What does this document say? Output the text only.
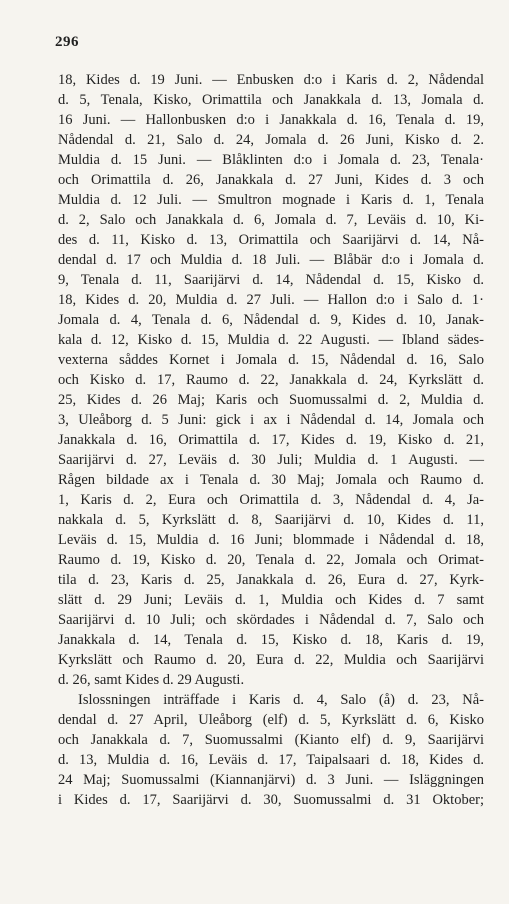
296
18, Kides d. 19 Juni. — Enbusken d:o i Karis d. 2, Nådendal
d. 5, Tenala, Kisko, Orimattila och Janakkala d. 13, Jomala d.
16 Juni. — Hallonbusken d:o i Janakkala d. 16, Tenala d. 19,
Nådendal d. 21, Salo d. 24, Jomala d. 26 Juni, Kisko d. 2.
Muldia d. 15 Juni. — Blåklinten d:o i Jomala d. 23, Tenala·
och Orimattila d. 26, Janakkala d. 27 Juni, Kides d. 3 och
Muldia d. 12 Juli. — Smultron mognade i Karis d. 1, Tenala
d. 2, Salo och Janakkala d. 6, Jomala d. 7, Leväis d. 10, Ki-
des d. 11, Kisko d. 13, Orimattila och Saarijärvi d. 14, Nå-
dendal d. 17 och Muldia d. 18 Juli. — Blåbär d:o i Jomala d.
9, Tenala d. 11, Saarijärvi d. 14, Nådendal d. 15, Kisko d.
18, Kides d. 20, Muldia d. 27 Juli. — Hallon d:o i Salo d. 1·
Jomala d. 4, Tenala d. 6, Nådendal d. 9, Kides d. 10, Janak-
kala d. 12, Kisko d. 15, Muldia d. 22 Augusti. — Ibland sädes-
vexterna såddes Kornet i Jomala d. 15, Nådendal d. 16, Salo
och Kisko d. 17, Raumo d. 22, Janakkala d. 24, Kyrkslätt d.
25, Kides d. 26 Maj; Karis och Suomussalmi d. 2, Muldia d.
3, Uleåborg d. 5 Juni: gick i ax i Nådendal d. 14, Jomala och
Janakkala d. 16, Orimattila d. 17, Kides d. 19, Kisko d. 21,
Saarijärvi d. 27, Leväis d. 30 Juli; Muldia d. 1 Augusti. —
Rågen bildade ax i Tenala d. 30 Maj; Jomala och Raumo d.
1, Karis d. 2, Eura och Orimattila d. 3, Nådendal d. 4, Ja-
nakkala d. 5, Kyrkslätt d. 8, Saarijärvi d. 10, Kides d. 11,
Leväis d. 15, Muldia d. 16 Juni; blommade i Nådendal d. 18,
Raumo d. 19, Kisko d. 20, Tenala d. 22, Jomala och Orimat-
tila d. 23, Karis d. 25, Janakkala d. 26, Eura d. 27, Kyrk-
slätt d. 29 Juni; Leväis d. 1, Muldia och Kides d. 7 samt
Saarijärvi d. 10 Juli; och skördades i Nådendal d. 7, Salo och
Janakkala d. 14, Tenala d. 15, Kisko d. 18, Karis d. 19,
Kyrkslätt och Raumo d. 20, Eura d. 22, Muldia och Saarijärvi
d. 26, samt Kides d. 29 Augusti.
Islossningen inträffade i Karis d. 4, Salo (å) d. 23, Nå-
dendal d. 27 April, Uleåborg (elf) d. 5, Kyrkslätt d. 6, Kisko
och Janakkala d. 7, Suomussalmi (Kianto elf) d. 9, Saarijärvi
d. 13, Muldia d. 16, Leväis d. 17, Taipalsaari d. 18, Kides d.
24 Maj; Suomussalmi (Kiannanjärvi) d. 3 Juni. — Isläggningen
i Kides d. 17, Saarijärvi d. 30, Suomussalmi d. 31 Oktober;
